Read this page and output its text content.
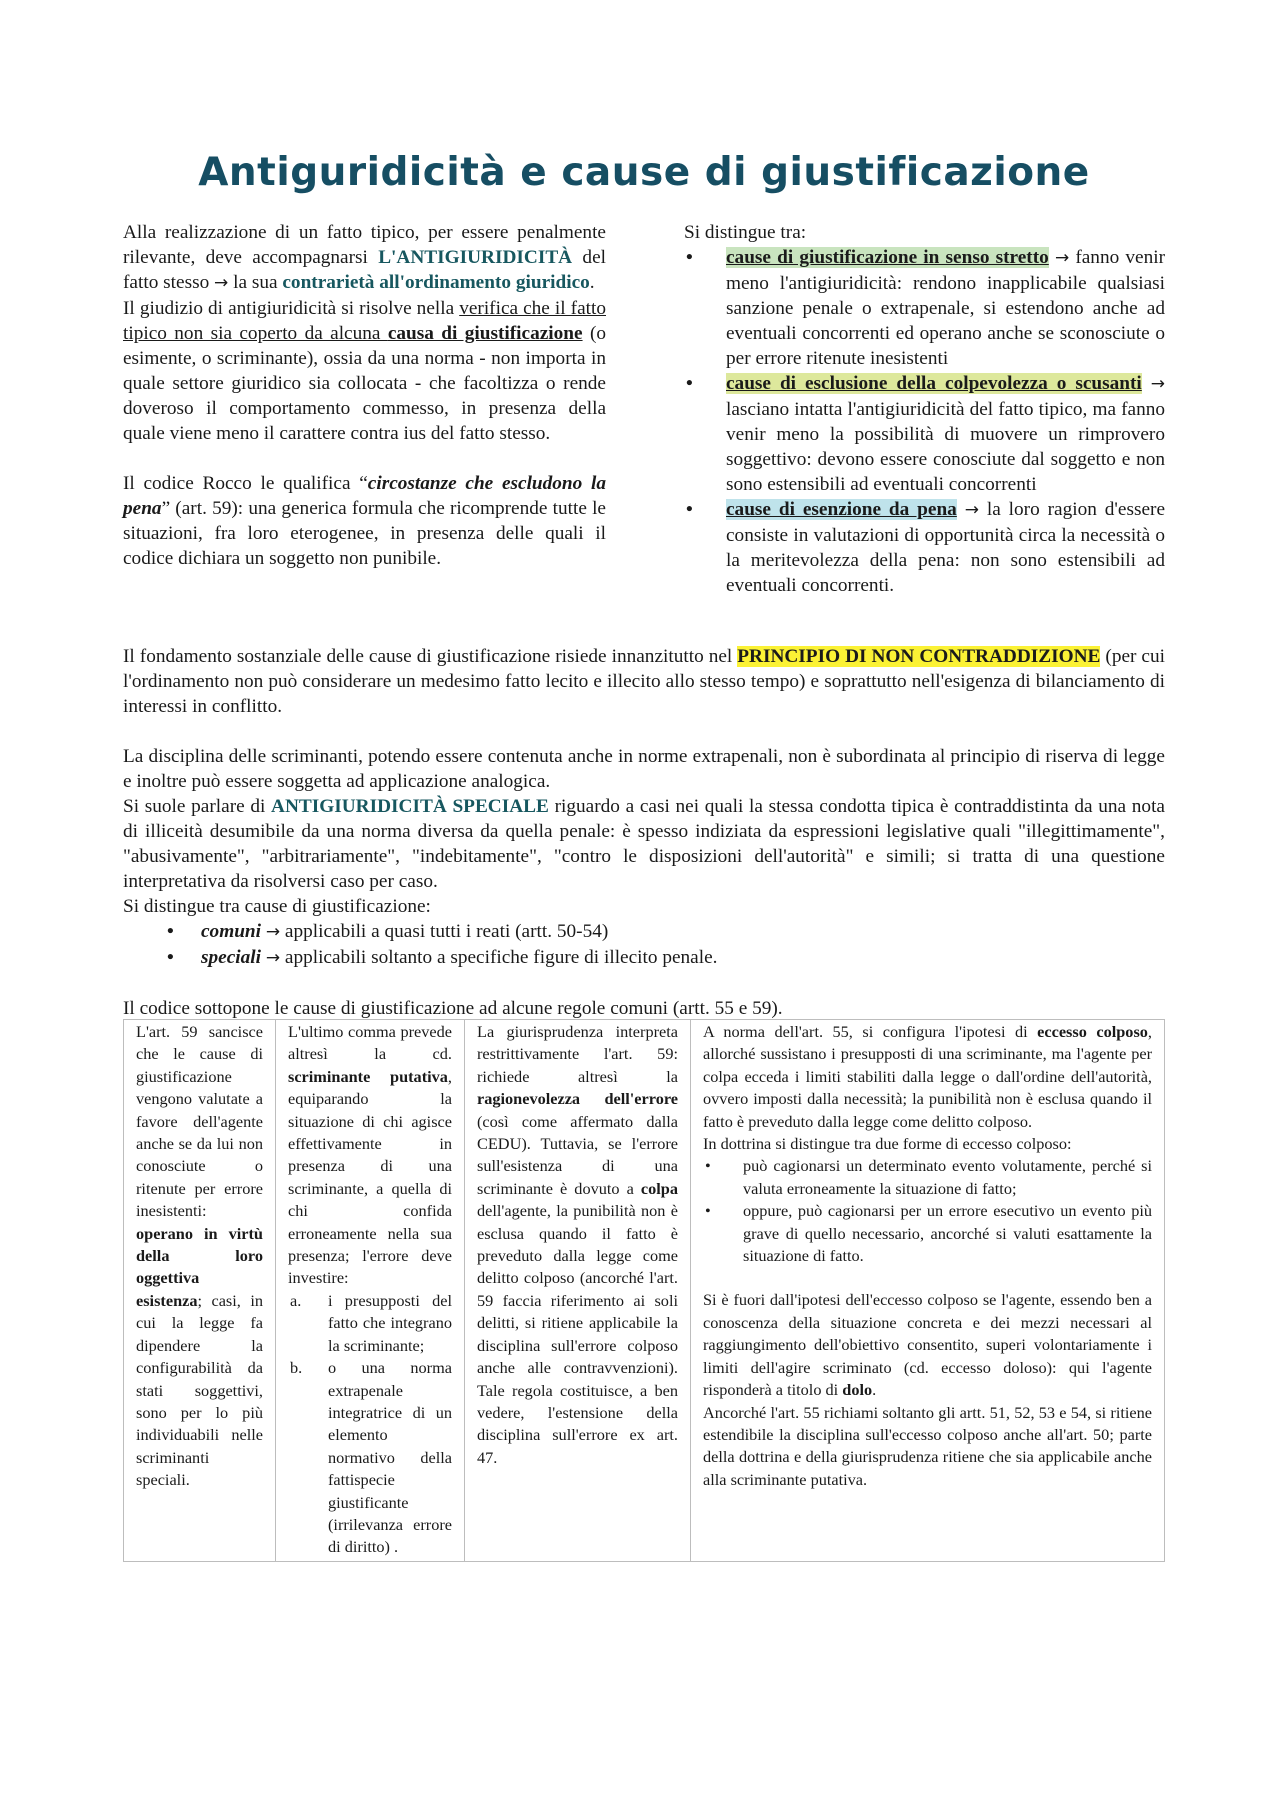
Antiguridicità e cause di giustificazione
Alla realizzazione di un fatto tipico, per essere penalmente rilevante, deve accompagnarsi L'ANTIGIURIDICITÀ del fatto stesso → la sua contrarietà all'ordinamento giuridico.
Il giudizio di antigiuridicità si risolve nella verifica che il fatto tipico non sia coperto da alcuna causa di giustificazione (o esimente, o scriminante), ossia da una norma - non importa in quale settore giuridico sia collocata - che facoltizza o rende doveroso il comportamento commesso, in presenza della quale viene meno il carattere contra ius del fatto stesso.
Il codice Rocco le qualifica “circostanze che escludono la pena” (art. 59): una generica formula che ricomprende tutte le situazioni, fra loro eterogenee, in presenza delle quali il codice dichiara un soggetto non punibile.
Si distingue tra:
• cause di giustificazione in senso stretto → fanno venir meno l'antigiuridicità: rendono inapplicabile qualsiasi sanzione penale o extrapenale, si estendono anche ad eventuali concorrenti ed operano anche se sconosciute o per errore ritenute inesistenti
• cause di esclusione della colpevolezza o scusanti → lasciano intatta l'antigiuridicità del fatto tipico, ma fanno venir meno la possibilità di muovere un rimprovero soggettivo: devono essere conosciute dal soggetto e non sono estensibili ad eventuali concorrenti
• cause di esenzione da pena → la loro ragion d'essere consiste in valutazioni di opportunità circa la necessità o la meritevolezza della pena: non sono estensibili ad eventuali concorrenti.
Il fondamento sostanziale delle cause di giustificazione risiede innanzitutto nel PRINCIPIO DI NON CONTRADDIZIONE (per cui l'ordinamento non può considerare un medesimo fatto lecito e illecito allo stesso tempo) e soprattutto nell'esigenza di bilanciamento di interessi in conflitto.
La disciplina delle scriminanti, potendo essere contenuta anche in norme extrapenali, non è subordinata al principio di riserva di legge e inoltre può essere soggetta ad applicazione analogica.
Si suole parlare di ANTIGIURIDICITÀ SPECIALE riguardo a casi nei quali la stessa condotta tipica è contraddistinta da una nota di illiceità desumibile da una norma diversa da quella penale: è spesso indiziata da espressioni legislative quali "illegittimamente", "abusivamente", "arbitrariamente", "indebitamente", "contro le disposizioni dell'autorità" e simili; si tratta di una questione interpretativa da risolversi caso per caso.
Si distingue tra cause di giustificazione:
• comuni → applicabili a quasi tutti i reati (artt. 50-54)
• speciali → applicabili soltanto a specifiche figure di illecito penale.
Il codice sottopone le cause di giustificazione ad alcune regole comuni (artt. 55 e 59).
L'art. 59 sancisce che le cause di giustificazione vengono valutate a favore dell'agente anche se da lui non conosciute o ritenute per errore inesistenti: operano in virtù della loro oggettiva esistenza; casi, in cui la legge fa dipendere la configurabilità da stati soggettivi, sono per lo più individuabili nelle scriminanti speciali.	L'ultimo comma prevede altresì la cd. scriminante putativa, equiparando la situazione di chi agisce effettivamente in presenza di una scriminante, a quella di chi confida erroneamente nella sua presenza; l'errore deve investire:
a. i presupposti del fatto che integrano la scriminante;
b. o una norma extrapenale integratrice di un elemento normativo della fattispecie giustificante (irrilevanza errore di diritto) .
	La giurisprudenza interpreta restrittivamente l'art. 59: richiede altresì la ragionevolezza dell'errore (così come affermato dalla CEDU). Tuttavia, se l'errore sull'esistenza di una scriminante è dovuto a colpa dell'agente, la punibilità non è esclusa quando il fatto è preveduto dalla legge come delitto colposo (ancorché l'art. 59 faccia riferimento ai soli delitti, si ritiene applicabile la disciplina sull'errore colposo anche alle contravvenzioni). Tale regola costituisce, a ben vedere, l'estensione della disciplina sull'errore ex art. 47.	A norma dell'art. 55, si configura l'ipotesi di eccesso colposo, allorché sussistano i presupposti di una scriminante, ma l'agente per colpa ecceda i limiti stabiliti dalla legge o dall'ordine dell'autorità, ovvero imposti dalla necessità; la punibilità non è esclusa quando il fatto è preveduto dalla legge come delitto colposo.
In dottrina si distingue tra due forme di eccesso colposo:
• può cagionarsi un determinato evento volutamente, perché si valuta erroneamente la situazione di fatto;
• oppure, può cagionarsi per un errore esecutivo un evento più grave di quello necessario, ancorché si valuti esattamente la situazione di fatto.
Si è fuori dall'ipotesi dell'eccesso colposo se l'agente, essendo ben a conoscenza della situazione concreta e dei mezzi necessari al raggiungimento dell'obiettivo consentito, superi volontariamente i limiti dell'agire scriminato (cd. eccesso doloso): qui l'agente risponderà a titolo di dolo.
Ancorché l'art. 55 richiami soltanto gli artt. 51, 52, 53 e 54, si ritiene estendibile la disciplina sull'eccesso colposo anche all'art. 50; parte della dottrina e della giurisprudenza ritiene che sia applicabile anche alla scriminante putativa.
